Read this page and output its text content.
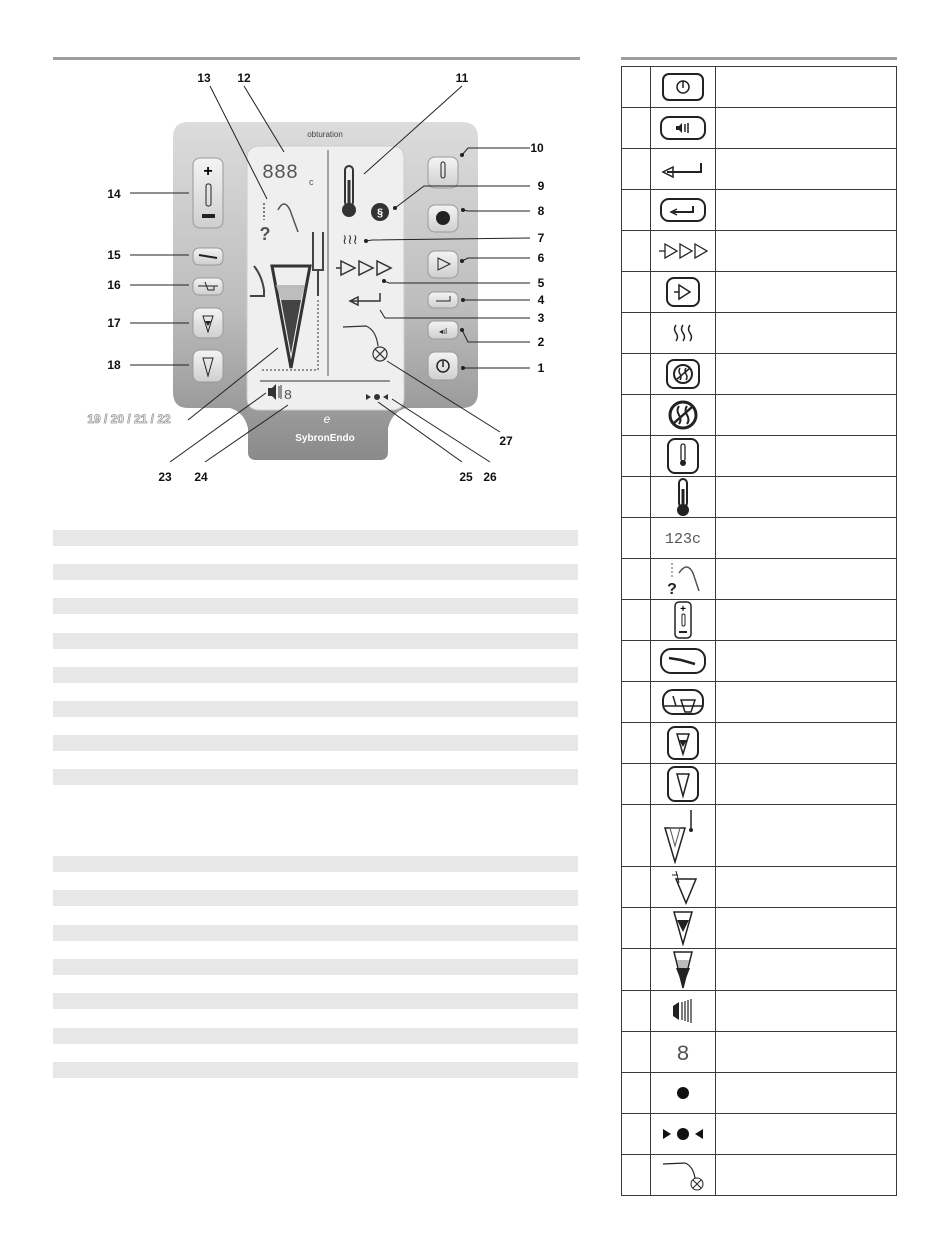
obturation
888 c
§
≀≀≀
?
8
e
SybronEndo
+
◂ıl
1
2
3
4
5
6
7
8
9
10
11
12
13
14
15
16
17
18
23 24	25 26
27
19 / 20 / 21 / 22

123c	

?	

+	

8	
